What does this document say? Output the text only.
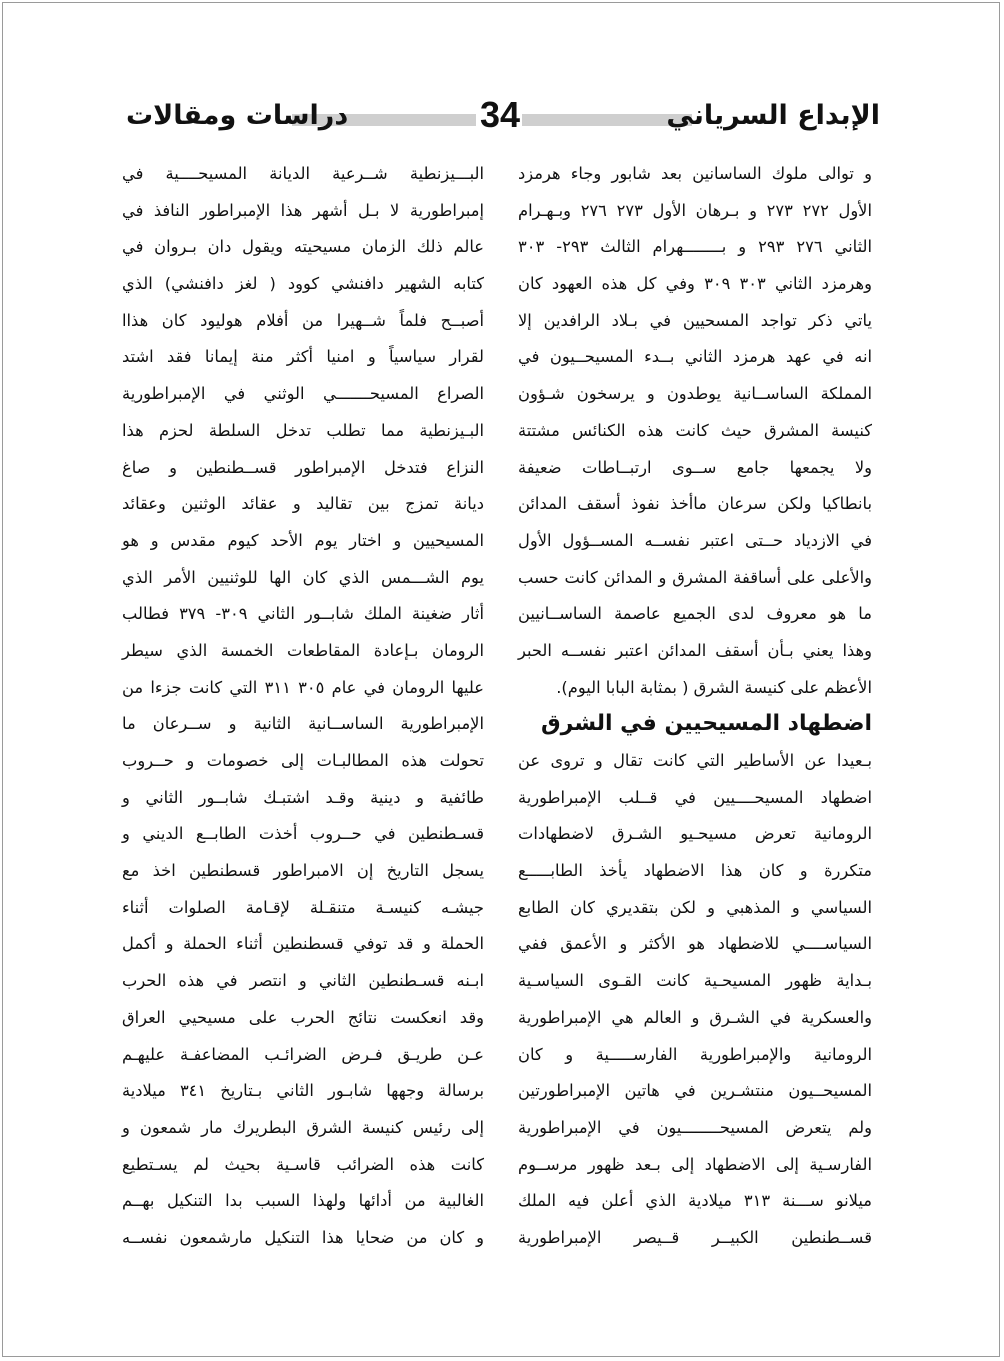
الإبداع السرياني
34
دراسات ومقالات
و توالى ملوك الساسانين بعد شابور وجاء هرمزد
الأول ٢٧٢ ٢٧٣ و بـرهان الأول ٢٧٣ ٢٧٦ وبـهـرام
الثاني ٢٧٦ ٢٩٣ و بــــــــهرام الثالث ٢٩٣- ٣٠٣
وهرمزد الثاني ٣٠٣ ٣٠٩ وفي كل هذه العهود كان
ياتي ذكر تواجد المسحيين في بـلاد الرافدين إلا
انه في عهد هرمزد الثاني بــدء المسيحــيون في
المملكة الساســانية يوطدون و يرسخون شـؤون
كنيسة المشرق حيث كانت هذه الكنائس مشتتة
ولا يجمعها جامع ســوى ارتبــاطات ضعيفة
بانطاكيا ولكن سرعان ماأخذ نفوذ أسقف المدائن
في الازدياد حــتى اعتبر نفســه المســؤول الأول
والأعلى على أساقفة المشرق و المدائن كانت حسب
ما هو معروف لدى الجميع عاصمة الساســانيين
وهذا يعني بـأن أسقف المدائن اعتبر نفســه الحبر
الأعظم على كنيسة الشرق ( بمثابة البابا اليوم).
اضطهاد المسيحيين في الشرق
بـعيدا عن الأساطير التي كانت تقال و تروى عن
اضطهاد المسيحــــيين في قــلب الإمبراطورية
الرومانية تعرض مسيحـيو الشـرق لاضطهادات
متكررة و كان هذا الاضطهاد يأخذ الطابـــــع
السياسي و المذهبي و لكن بتقديري كان الطابع
السياســــي للاضطهاد هو الأكثر و الأعمق ففي
بـداية ظهور المسيحـية كانت القـوى السياسـية
والعسكرية في الشـرق و العالم هي الإمبراطورية
الرومانية والإمبراطورية الفارســـــية و كان
المسيحــيون منتشـرين في هاتين الإمبراطورتين
ولم يتعرض المسيحــــــــيون في الإمبراطورية
الفارسـية إلى الاضطهاد إلى بـعد ظهور مرســوم
ميلانو ســـنة ٣١٣ ميلادية الذي أعلن فيه الملك
قســطنطين الكبيــر قــيصر الإمبراطورية
البـــيزنطية شــرعية الديانة المسيحــــية في
إمبراطورية لا بـل أشهر هذا الإمبراطور النافذ في
عالم ذلك الزمان مسيحيته ويقول دان بـروان في
كتابه الشهير دافنشي كوود ( لغز دافنشي) الذي
أصبــح فلماً شــهيرا من أفلام هوليود كان هذاا
لقرار سياسياً و امنيا أكثر منة إيمانا فقد اشتد
الصراع المسيحـــــــي الوثني في الإمبراطورية
البـيزنطية مما تطلب تدخل السلطة لحزم هذا
النزاع فتدخل الإمبراطور قســطنطين و صاغ
ديانة تمزج بين تقاليد و عقائد الوثنين وعقائد
المسيحيين و اختار يوم الأحد كيوم مقدس و هو
يوم الشـــمس الذي كان الها للوثنيين الأمر الذي
أثار ضغينة الملك شابــور الثاني ٣٠٩- ٣٧٩ فطالب
الرومان بـإعادة المقاطعات الخمسة الذي سيطر
عليها الرومان في عام ٣٠٥ ٣١١ التي كانت جزءا من
الإمبراطورية الساســانية الثانية و ســرعان ما
تحولت هذه المطالبـات إلى خصومات و حــروب
طائفية و دينية وقـد اشتبـك شابــور الثاني و
قسـطنطين في حــروب أخذت الطابــع الديني و
يسجل التاريخ إن الامبراطور قسطنطين اخذ مع
جيشـه كنيسـة متنقـلة لإقـامة الصلوات أثناء
الحملة و قد توفي قسطنطين أثناء الحملة و أكمل
ابـنه قسـطنطين الثاني و انتصر في هذه الحرب
وقد انعكست نتائج الحرب على مسيحيي العراق
عـن طريـق فـرض الضرائـب المضاعفـة عليهـم
برسالة وجهها شابـور الثاني بـتاريخ ٣٤١ ميلادية
إلى رئيس كنيسة الشرق البطريرك مار شمعون و
كانت هذه الضرائب قاسـية بحيث لم يسـتطيع
الغالبية من أدائها ولهذا السبب بدا التنكيل بهــم
و كان من ضحايا هذا التنكيل مارشمعون نفســه
